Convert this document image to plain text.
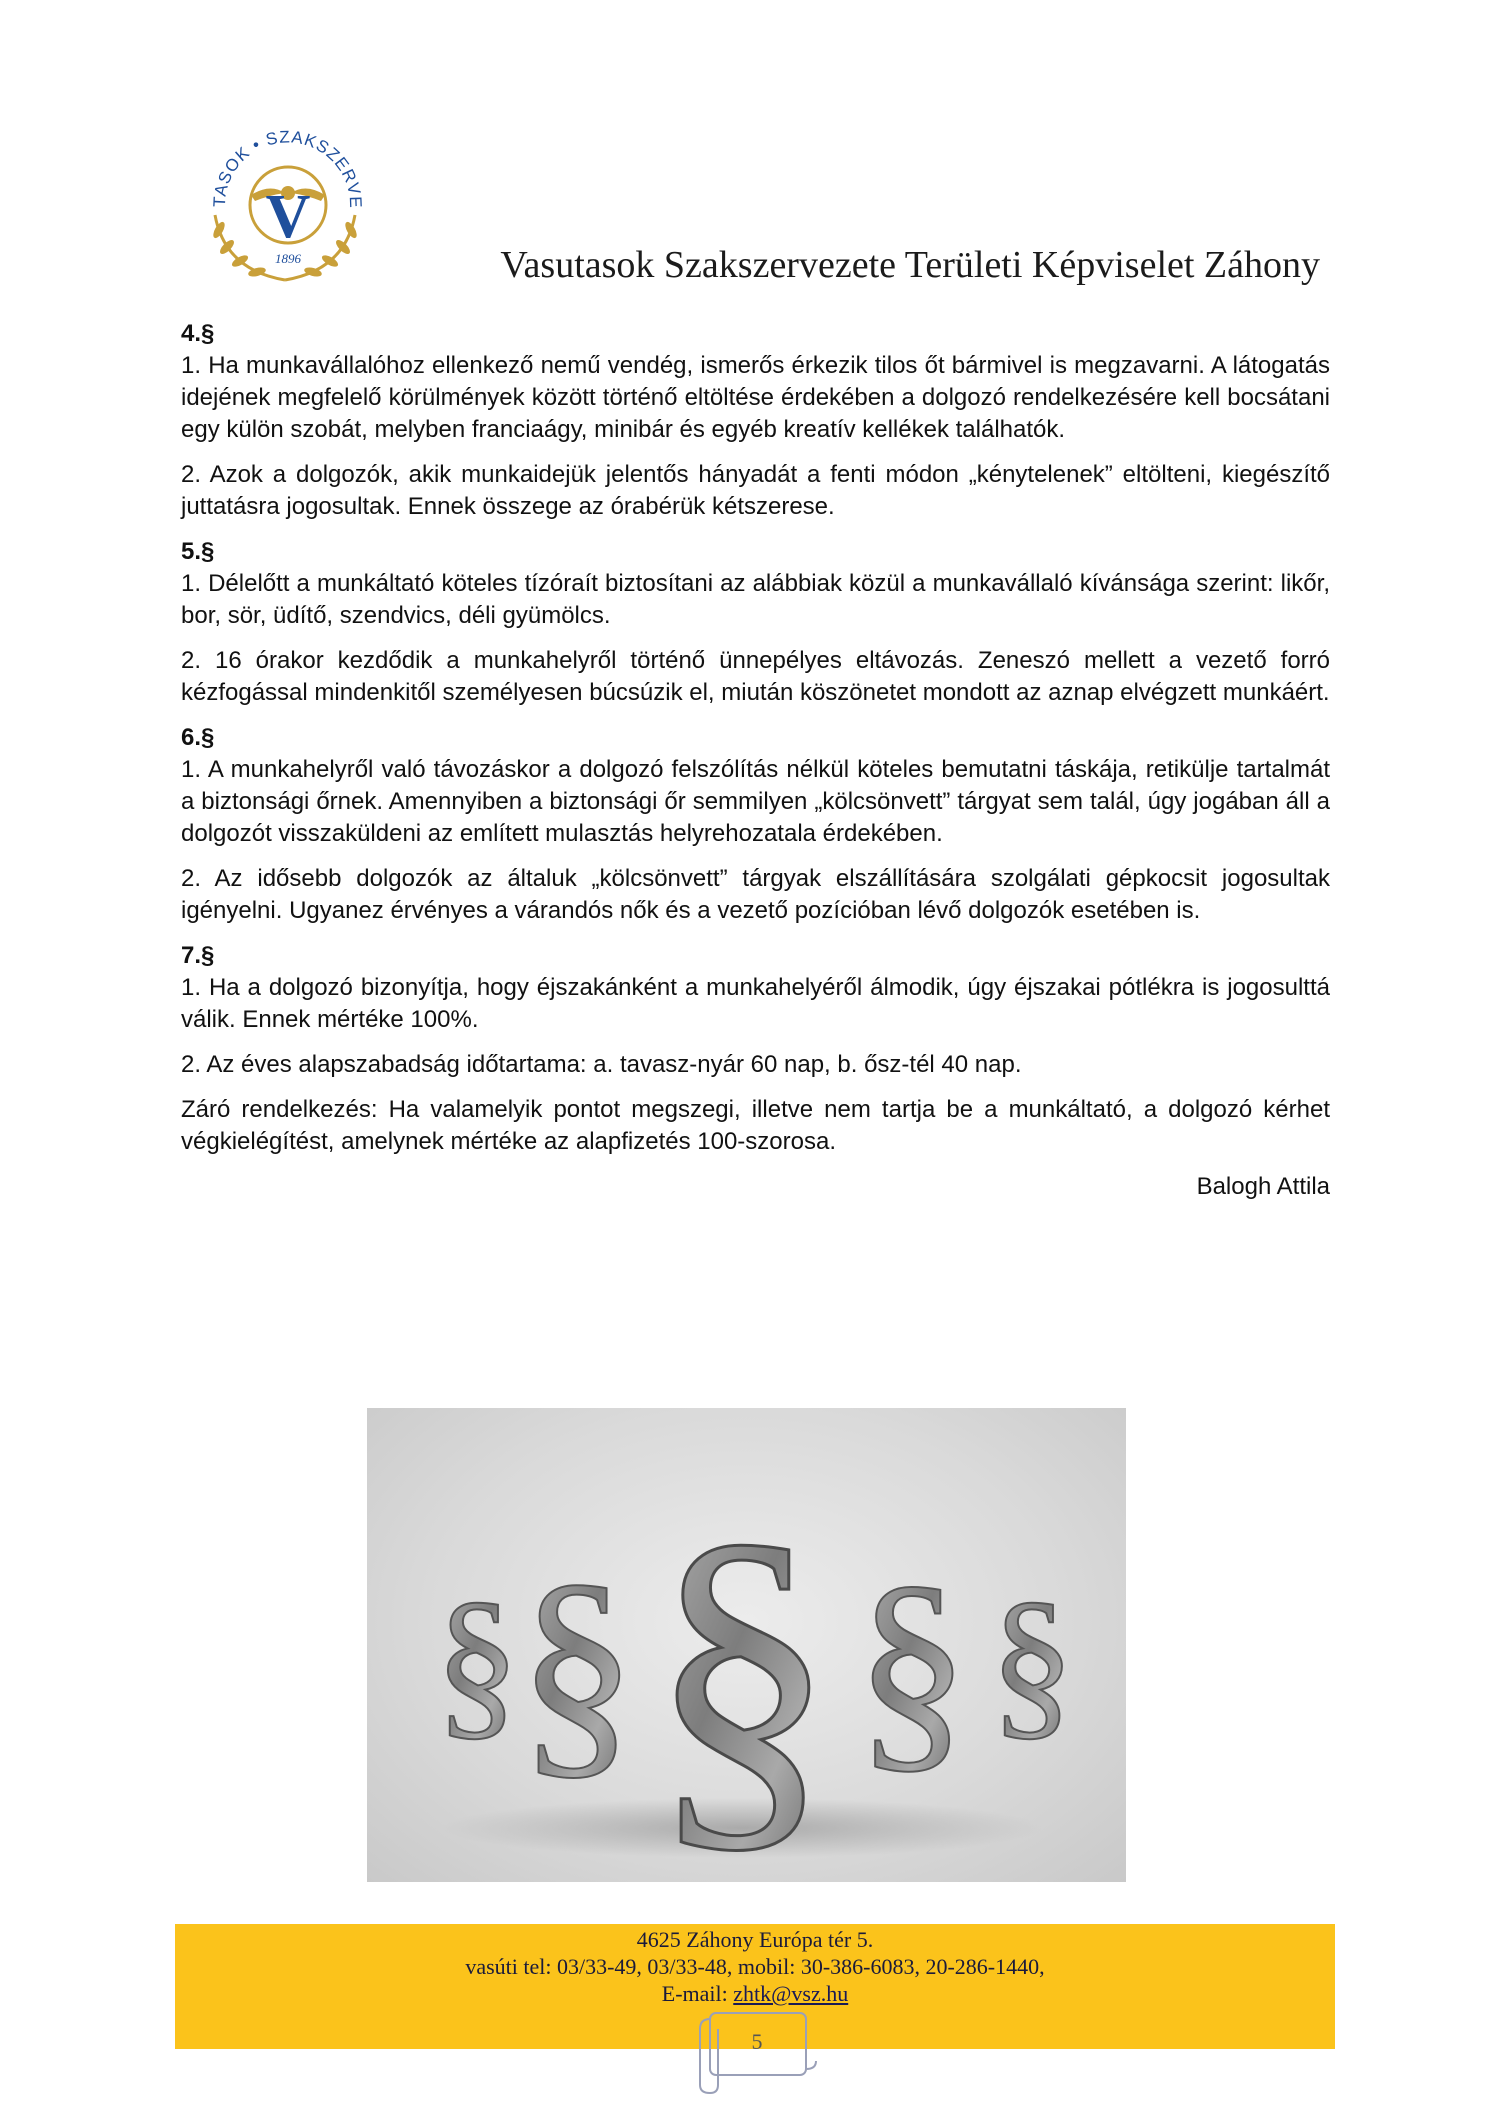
TASOK • SZAKSZERVE
V
1896	Vasutasok Szakszervezete Területi Képviselet Záhony

4.§

1. Ha munkavállalóhoz ellenkező nemű vendég, ismerős érkezik tilos őt bármivel is megzavarni. A látogatás idejének megfelelő körülmények között történő eltöltése érdekében a dolgozó rendelkezésére kell bocsátani egy külön szobát, melyben franciaágy, minibár és egyéb kreatív kellékek találhatók.

2. Azok a dolgozók, akik munkaidejük jelentős hányadát a fenti módon „kénytelenek” eltölteni, kiegészítő juttatásra jogosultak. Ennek összege az órabérük kétszerese.

5.§

1. Délelőtt a munkáltató köteles tízóraít biztosítani az alábbiak közül a munkavállaló kívánsága szerint: likőr, bor, sör, üdítő, szendvics, déli gyümölcs.

2. 16 órakor kezdődik a munkahelyről történő ünnepélyes eltávozás. Zeneszó mellett a vezető forró kézfogással mindenkitől személyesen búcsúzik el, miután köszönetet mondott az aznap elvégzett munkáért.

6.§

1. A munkahelyről való távozáskor a dolgozó felszólítás nélkül köteles bemutatni táskája, retikülje tartalmát a biztonsági őrnek. Amennyiben a biztonsági őr semmilyen „kölcsönvett” tárgyat sem talál, úgy jogában áll a dolgozót visszaküldeni az említett mulasztás helyrehozatala érdekében.

2. Az idősebb dolgozók az általuk „kölcsönvett” tárgyak elszállítására szolgálati gépkocsit jogosultak igényelni. Ugyanez érvényes a várandós nők és a vezető pozícióban lévő dolgozók esetében is.

7.§

1. Ha a dolgozó bizonyítja, hogy éjszakánként a munkahelyéről álmodik, úgy éjszakai pótlékra is jogosulttá válik. Ennek mértéke 100%.

2. Az éves alapszabadság időtartama: a. tavasz-nyár 60 nap, b. ősz-tél 40 nap.

Záró rendelkezés: Ha valamelyik pontot megszegi, illetve nem tartja be a munkáltató, a dolgozó kérhet végkielégítést, amelynek mértéke az alapfizetés 100-szorosa.

Balogh Attila

§
§ § § §
4625 Záhony Európa tér 5.
vasúti tel: 03/33-49, 03/33-48, mobil: 30-386-6083, 20-286-1440,
E-mail: zhtk@vsz.hu
5
